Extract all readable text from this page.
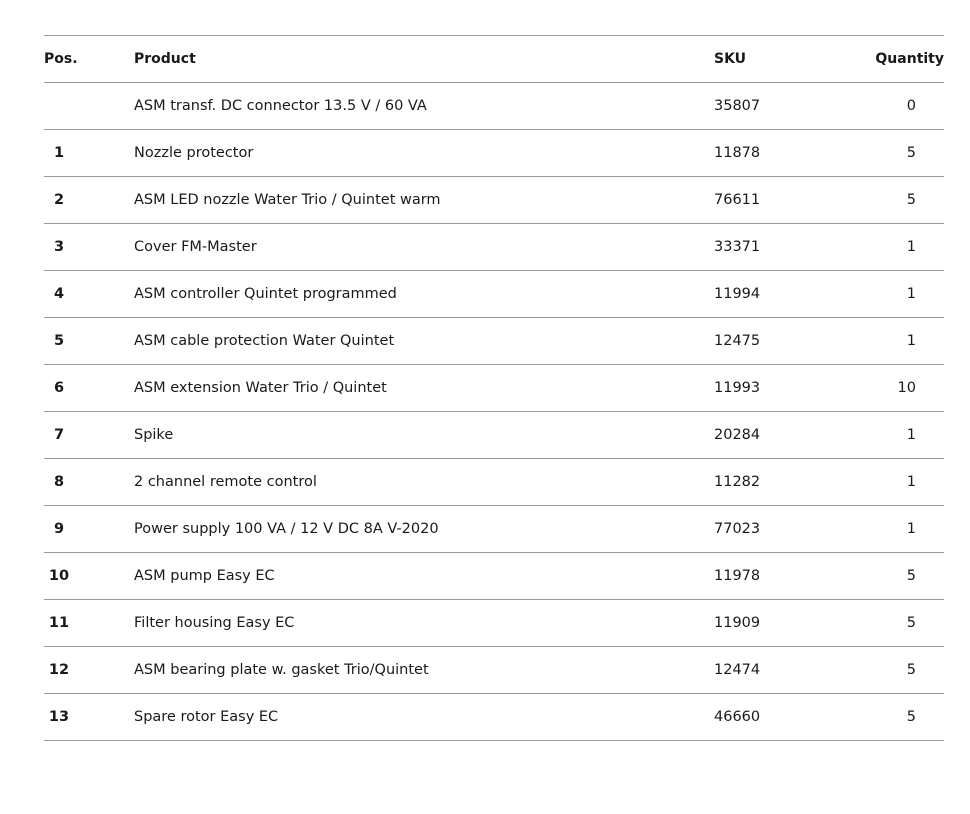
Pos.	Product	SKU	Quantity
	ASM transf. DC connector 13.5 V / 60 VA	35807	0
1	Nozzle protector	11878	5
2	ASM LED nozzle Water Trio / Quintet warm	76611	5
3	Cover FM-Master	33371	1
4	ASM controller Quintet programmed	11994	1
5	ASM cable protection Water Quintet	12475	1
6	ASM extension Water Trio / Quintet	11993	10
7	Spike	20284	1
8	2 channel remote control	11282	1
9	Power supply 100 VA / 12 V DC 8A V-2020	77023	1
10	ASM pump Easy EC	11978	5
11	Filter housing Easy EC	11909	5
12	ASM bearing plate w. gasket Trio/Quintet	12474	5
13	Spare rotor Easy EC	46660	5
